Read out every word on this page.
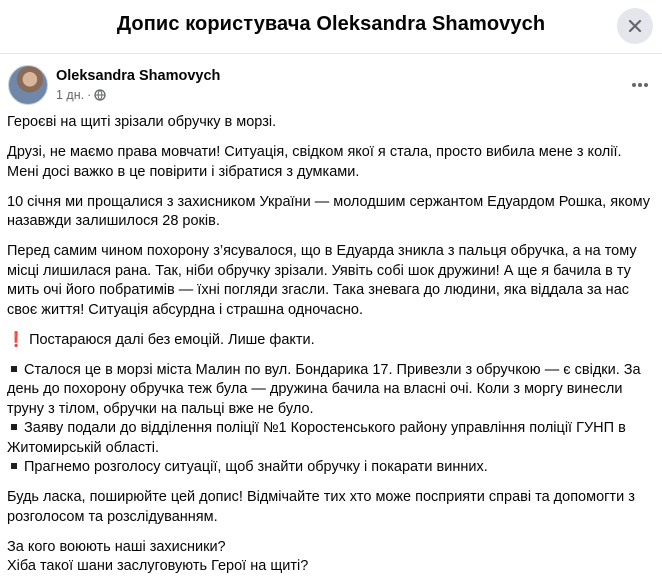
Допис користувача Oleksandra Shamovych
Oleksandra Shamovych
1 дн. ·

Героєві на щиті зрізали обручку в морзі.

Друзі, не маємо права мовчати! Ситуація, свідком якої я стала, просто вибила мене з колії. Мені досі важко в це повірити і зібратися з думками.

10 січня ми прощалися з захисником України — молодшим сержантом Едуардом Рошка, якому назавжди залишилося 28 років.

Перед самим чином похорону з’ясувалося, що в Едуарда зникла з пальця обручка, а на тому місці лишилася рана. Так, ніби обручку зрізали. Уявіть собі шок дружини! А ще я бачила в ту мить очі його побратимів — їхні погляди згасли. Така зневага до людини, яка віддала за нас своє життя! Ситуація абсурдна і страшна одночасно.

❗ Постараюся далі без емоцій. Лише факти.

Сталося це в морзі міста Малин по вул. Бондарика 17. Привезли з обручкою — є свідки. За день до похорону обручка теж була — дружина бачила на власні очі. Коли з моргу винесли труну з тілом, обручки на пальці вже не було.

Заяву подали до відділення поліції №1 Коростенського району управління поліції ГУНП в Житомирській області.

Прагнемо розголосу ситуації, щоб знайти обручку і покарати винних.

Будь ласка, поширюйте цей допис! Відмічайте тих хто може посприяти справі та допомогти з розголосом та розслідуванням.

За кого воюють наші захисники?

Хіба такої шани заслуговують Герої на щиті?
